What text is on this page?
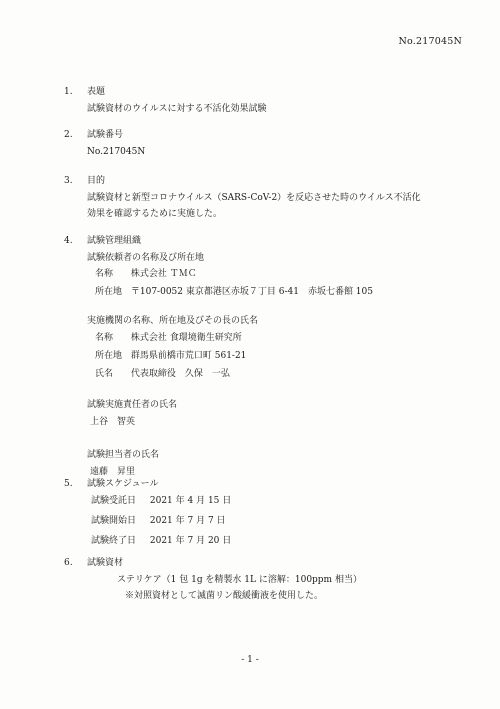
No.217045N
1.	表題
試験資材のウイルスに対する不活化効果試験
2.	試験番号
No.217045N
3.	目的
試験資材と新型コロナウイルス（SARS-CoV-2）を反応させた時のウイルス不活化
効果を確認するために実施した。
4.	試験管理組織
試験依頼者の名称及び所在地
名称 株式会社 ＴＭＣ
所在地 〒107-0052 東京都港区赤坂７丁目 6-41　赤坂七番館 105
実施機関の名称、所在地及びその長の氏名
名称 株式会社 食環境衛生研究所
所在地 群馬県前橋市荒口町 561-21
氏名 代表取締役　久保　一弘
試験実施責任者の氏名
上谷　智英
試験担当者の氏名
遠藤　昇里
5.	試験スケジュール
試験受託日 2021 年 4 月 15 日
試験開始日 2021 年 7 月 7 日
試験終了日 2021 年 7 月 20 日
6.	試験資材
ステリケア（1 包 1g を精製水 1L に溶解：100ppm 相当）
※対照資材として滅菌リン酸緩衝液を使用した。
- 1 -
